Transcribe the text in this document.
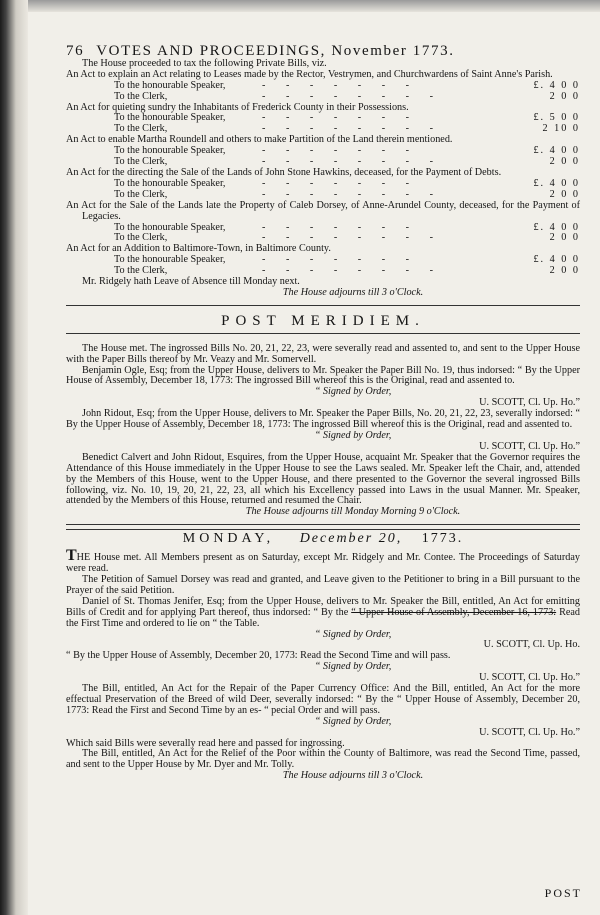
76 VOTES AND PROCEEDINGS, November 1773.

The House proceeded to tax the following Private Bills, viz.

An Act to explain an Act relating to Leases made by the Rector, Vestrymen, and Churchwardens of Saint Anne's Parish.

To the honourable Speaker,	- - - - - - -	£. 4 0 0
To the Clerk,	- - - - - - - -	2 0 0

An Act for quieting sundry the Inhabitants of Frederick County in their Possessions.

To the honourable Speaker,	- - - - - - -	£. 5 0 0
To the Clerk,	- - - - - - - -	2 10 0

An Act to enable Martha Roundell and others to make Partition of the Land therein mentioned.

To the honourable Speaker,	- - - - - - -	£. 4 0 0
To the Clerk,	- - - - - - - -	2 0 0

An Act for the directing the Sale of the Lands of John Stone Hawkins, deceased, for the Payment of Debts.

To the honourable Speaker,	- - - - - - -	£. 4 0 0
To the Clerk,	- - - - - - - -	2 0 0

An Act for the Sale of the Lands late the Property of Caleb Dorsey, of Anne-Arundel County, deceased, for the Payment of Legacies.

To the honourable Speaker,	- - - - - - -	£. 4 0 0
To the Clerk,	- - - - - - - -	2 0 0

An Act for an Addition to Baltimore-Town, in Baltimore County.

To the honourable Speaker,	- - - - - - -	£. 4 0 0
To the Clerk,	- - - - - - - -	2 0 0

Mr. Ridgely hath Leave of Absence till Monday next.

The House adjourns till 3 o'Clock.

POST MERIDIEM.

The House met. The ingrossed Bills No. 20, 21, 22, 23, were severally read and assented to, and sent to the Upper House with the Paper Bills thereof by Mr. Veazy and Mr. Somervell.

Benjamin Ogle, Esq; from the Upper House, delivers to Mr. Speaker the Paper Bill No. 19, thus indorsed: “ By the Upper House of Assembly, December 18, 1773: The ingrossed Bill whereof this is the Original, read and assented to.

“ Signed by Order,

U. SCOTT, Cl. Up. Ho.”

John Ridout, Esq; from the Upper House, delivers to Mr. Speaker the Paper Bills, No. 20, 21, 22, 23, severally indorsed: “ By the Upper House of Assembly, December 18, 1773: The ingrossed Bill whereof this is the Original, read and assented to.

“ Signed by Order,

U. SCOTT, Cl. Up. Ho.”

Benedict Calvert and John Ridout, Esquires, from the Upper House, acquaint Mr. Speaker that the Governor requires the Attendance of this House immediately in the Upper House to see the Laws sealed. Mr. Speaker left the Chair, and, attended by the Members of this House, went to the Upper House, and there presented to the Governor the several ingrossed Bills following, viz. No. 10, 19, 20, 21, 22, 23, all which his Excellency passed into Laws in the usual Manner. Mr. Speaker, attended by the Members of this House, returned and resumed the Chair.

The House adjourns till Monday Morning 9 o'Clock.

MONDAY, December 20, 1773.

THE House met. All Members present as on Saturday, except Mr. Ridgely and Mr. Contee. The Proceedings of Saturday were read.

The Petition of Samuel Dorsey was read and granted, and Leave given to the Petitioner to bring in a Bill pursuant to the Prayer of the said Petition.

Daniel of St. Thomas Jenifer, Esq; from the Upper House, delivers to Mr. Speaker the Bill, entitled, An Act for emitting Bills of Credit and for applying Part thereof, thus indorsed: “ By the “ Upper House of Assembly, December 16, 1773: Read the First Time and ordered to lie on “ the Table.

“ Signed by Order,

U. SCOTT, Cl. Up. Ho.

“ By the Upper House of Assembly, December 20, 1773: Read the Second Time and will pass.

“ Signed by Order,

U. SCOTT, Cl. Up. Ho.”

The Bill, entitled, An Act for the Repair of the Paper Currency Office: And the Bill, entitled, An Act for the more effectual Preservation of the Breed of wild Deer, severally indorsed: “ By the “ Upper House of Assembly, December 20, 1773: Read the First and Second Time by an es- “ pecial Order and will pass.

“ Signed by Order,

U. SCOTT, Cl. Up. Ho.”

Which said Bills were severally read here and passed for ingrossing.

The Bill, entitled, An Act for the Relief of the Poor within the County of Baltimore, was read the Second Time, passed, and sent to the Upper House by Mr. Dyer and Mr. Tolly.

The House adjourns till 3 o'Clock.

POST
